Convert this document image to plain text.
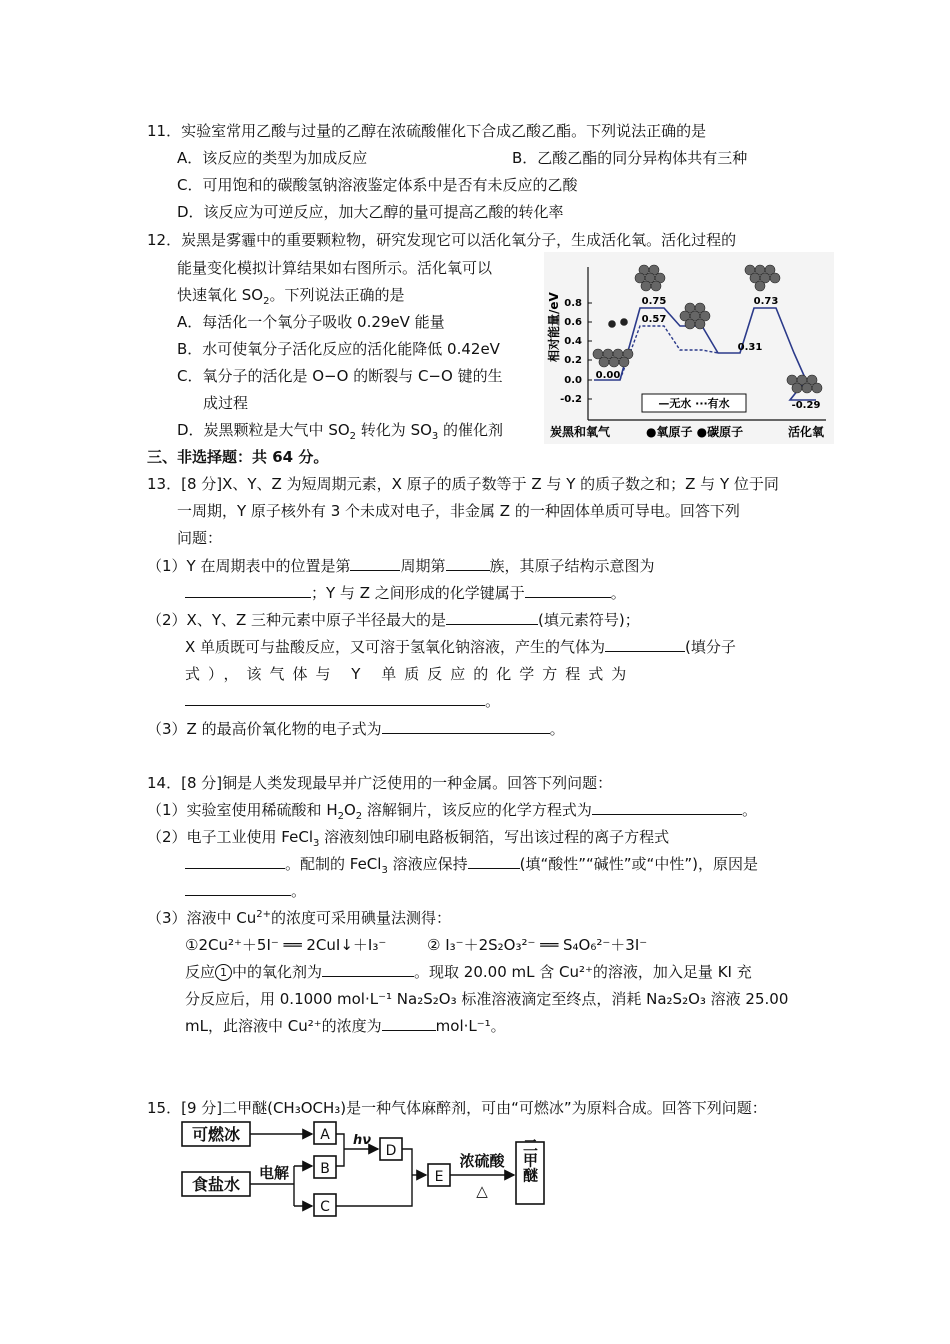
11．实验室常用乙酸与过量的乙醇在浓硫酸催化下合成乙酸乙酯。下列说法正确的是
A．该反应的类型为加成反应	B．乙酸乙酯的同分异构体共有三种
C．可用饱和的碳酸氢钠溶液鉴定体系中是否有未反应的乙酸
D．该反应为可逆反应，加大乙醇的量可提高乙酸的转化率
12．炭黑是雾霾中的重要颗粒物，研究发现它可以活化氧分子，生成活化氧。活化过程的
能量变化模拟计算结果如右图所示。活化氧可以
快速氧化 $SO_2$。下列说法正确的是
A．每活化一个氧分子吸收 0.29eV 能量
B．水可使氧分子活化反应的活化能降低 0.42eV
C．氧分子的活化是 O−O 的断裂与 C−O 键的生
成过程
D．炭黑颗粒是大气中 $SO_2$ 转化为 $SO_3$ 的催化剂
相对能量/eV 0.8
0.6
0.4
0.2
0.0
-0.2
0.00
0.75
0.57
0.73
0.31
-0.29
—无水 ···有水
炭黑和氧气	●氧原子 ●碳原子	活化氧
三、非选择题：共 64 分。
13．[8 分]X、Y、Z 为短周期元素，X 原子的质子数等于 Z 与 Y 的质子数之和；Z 与 Y 位于同
一周期，Y 原子核外有 3 个未成对电子，非金属 Z 的一种固体单质可导电。回答下列
问题：
（1）Y 在周期表中的位置是第	周期第	族，其原子结构示意图为
；Y 与 Z 之间形成的化学键属于	。
（2）X、Y、Z 三种元素中原子半径最大的是	(填元素符号)；
X 单质既可与盐酸反应，又可溶于氢氧化钠溶液，产生的气体为	(填分子
式），该气体与 Y 单质反应的化学方程式为
。
（3）Z 的最高价氧化物的电子式为	。
14．[8 分]铜是人类发现最早并广泛使用的一种金属。回答下列问题：
（1）实验室使用稀硫酸和 $H_2O_2$ 溶解铜片，该反应的化学方程式为	。
（2）电子工业使用 FeCl$_3$ 溶液刻蚀印刷电路板铜箔，写出该过程的离子方程式
。配制的 FeCl$_3$ 溶液应保持	(填“酸性”“碱性”或“中性”)，原因是
。
（3）溶液中 $Cu^{2+}$的浓度可采用碘量法测得：
①2Cu²⁺＋5I⁻ ══ 2CuI↓＋I₃⁻	② I₃⁻＋2S₂O₃²⁻ ══ S₄O₆²⁻＋3I⁻
反应 1 中的氧化剂为	。现取 20.00 mL 含 Cu²⁺的溶液，加入足量 KI 充
分反应后，用 0.1000 mol·L⁻¹ Na₂S₂O₃ 标准溶液滴定至终点，消耗 Na₂S₂O₃ 溶液 25.00
mL，此溶液中 Cu²⁺的浓度为	mol·L⁻¹。
15．[9 分]二甲醚(CH₃OCH₃)是一种气体麻醉剂，可由“可燃冰”为原料合成。回答下列问题：
可燃冰
食盐水
电解
A
B
C
hν
D
E
浓硫酸
△
二甲醚
